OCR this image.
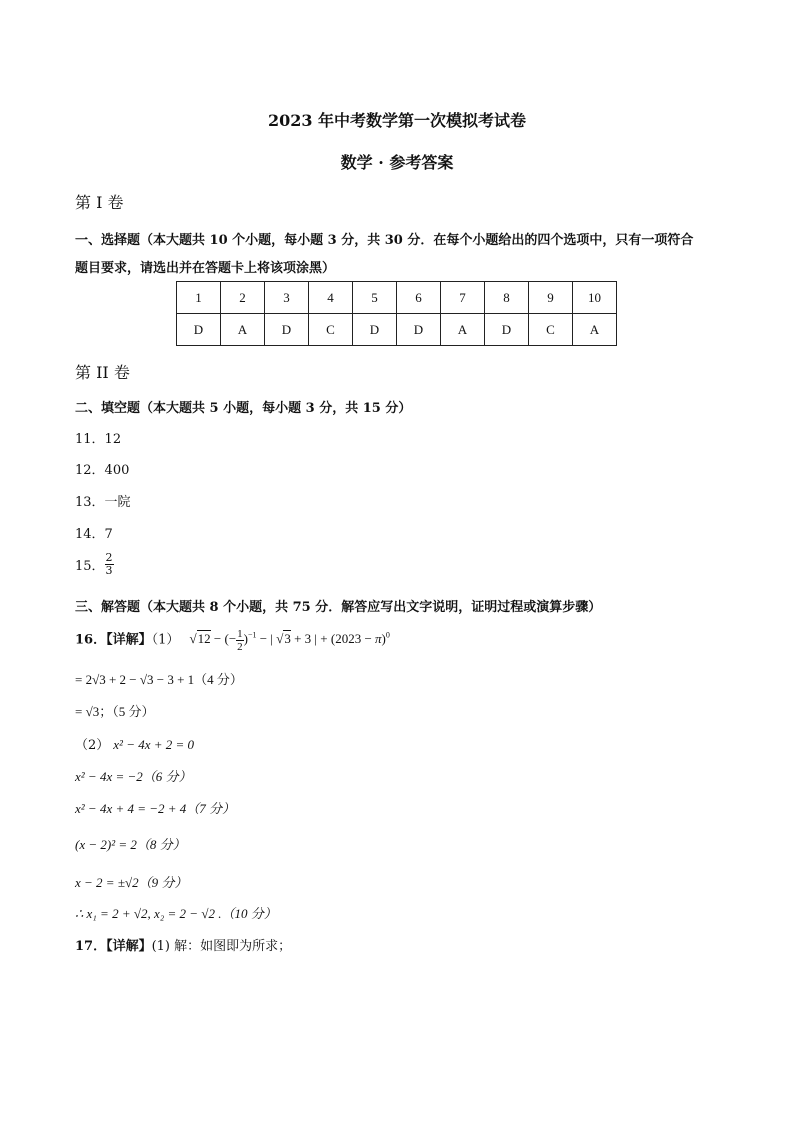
2023 年中考数学第一次模拟考试卷
数学 · 参考答案
第 I 卷
一、选择题（本大题共 10 个小题，每小题 3 分，共 30 分．在每个小题给出的四个选项中，只有一项符合
题目要求，请选出并在答题卡上将该项涂黑）
1	2	3	4	5	6	7	8	9	10
D	A	D	C	D	D	A	D	C	A
第 II 卷
二、填空题（本大题共 5 小题，每小题 3 分，共 15 分）
11．12
12．400
13．一院
14．7
15． $\frac{2}{3}$
三、解答题（本大题共 8 个小题，共 75 分．解答应写出文字说明，证明过程或演算步骤）
16．【详解】（1） √12 − (− $\frac{1}{2} )^{-1}$ − | √3 + 3 | + $(2023 - \pi)^0$
= 2√3 + 2 − √3 − 3 + 1（4 分）
= √3；（5 分）
（2） x² − 4x + 2 = 0
x² − 4x = −2（6 分）
x² − 4x + 4 = −2 + 4（7 分）
(x − 2)² = 2（8 分）
x − 2 = ±√2（9 分）
∴ x₁ = 2 + √2, x₂ = 2 − √2 .（10 分）
17．【详解】(1) 解：如图即为所求；
